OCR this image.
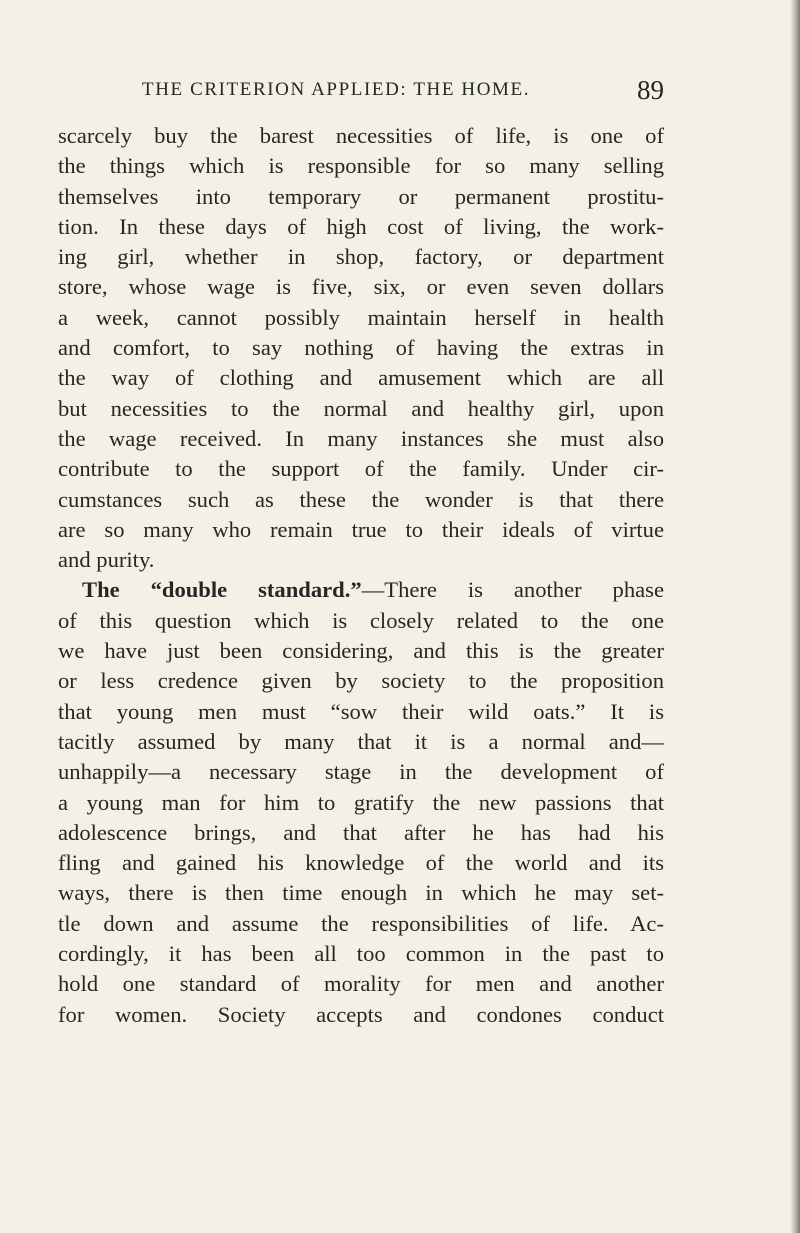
THE CRITERION APPLIED: THE HOME.	89
scarcely buy the barest necessities of life, is one of
the things which is responsible for so many selling
themselves into temporary or permanent prostitu-
tion. In these days of high cost of living, the work-
ing girl, whether in shop, factory, or department
store, whose wage is five, six, or even seven dollars
a week, cannot possibly maintain herself in health
and comfort, to say nothing of having the extras in
the way of clothing and amusement which are all
but necessities to the normal and healthy girl, upon
the wage received. In many instances she must also
contribute to the support of the family. Under cir-
cumstances such as these the wonder is that there
are so many who remain true to their ideals of virtue
and purity.
The “double standard.”—There is another phase
of this question which is closely related to the one
we have just been considering, and this is the greater
or less credence given by society to the proposition
that young men must “sow their wild oats.” It is
tacitly assumed by many that it is a normal and—
unhappily—a necessary stage in the development of
a young man for him to gratify the new passions that
adolescence brings, and that after he has had his
fling and gained his knowledge of the world and its
ways, there is then time enough in which he may set-
tle down and assume the responsibilities of life. Ac-
cordingly, it has been all too common in the past to
hold one standard of morality for men and another
for women. Society accepts and condones conduct
